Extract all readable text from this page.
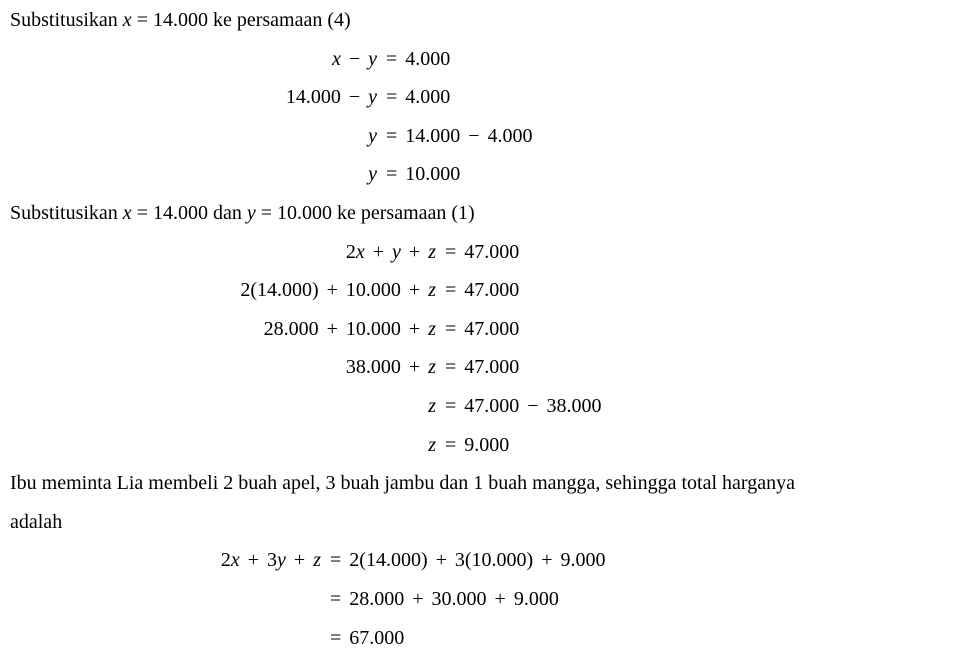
Substitusikan x = 14.000 ke persamaan (4)
x − y = 4.000
14.000 − y = 4.000
y = 14.000 − 4.000
y = 10.000
Substitusikan x = 14.000 dan y = 10.000 ke persamaan (1)
2x + y + z = 47.000
2(14.000) + 10.000 + z = 47.000
28.000 + 10.000 + z = 47.000
38.000 + z = 47.000
z = 47.000 − 38.000
z = 9.000
Ibu meminta Lia membeli 2 buah apel, 3 buah jambu dan 1 buah mangga, sehingga total harganya
adalah
2x + 3y + z = 2(14.000) + 3(10.000) + 9.000
= 28.000 + 30.000 + 9.000
= 67.000
